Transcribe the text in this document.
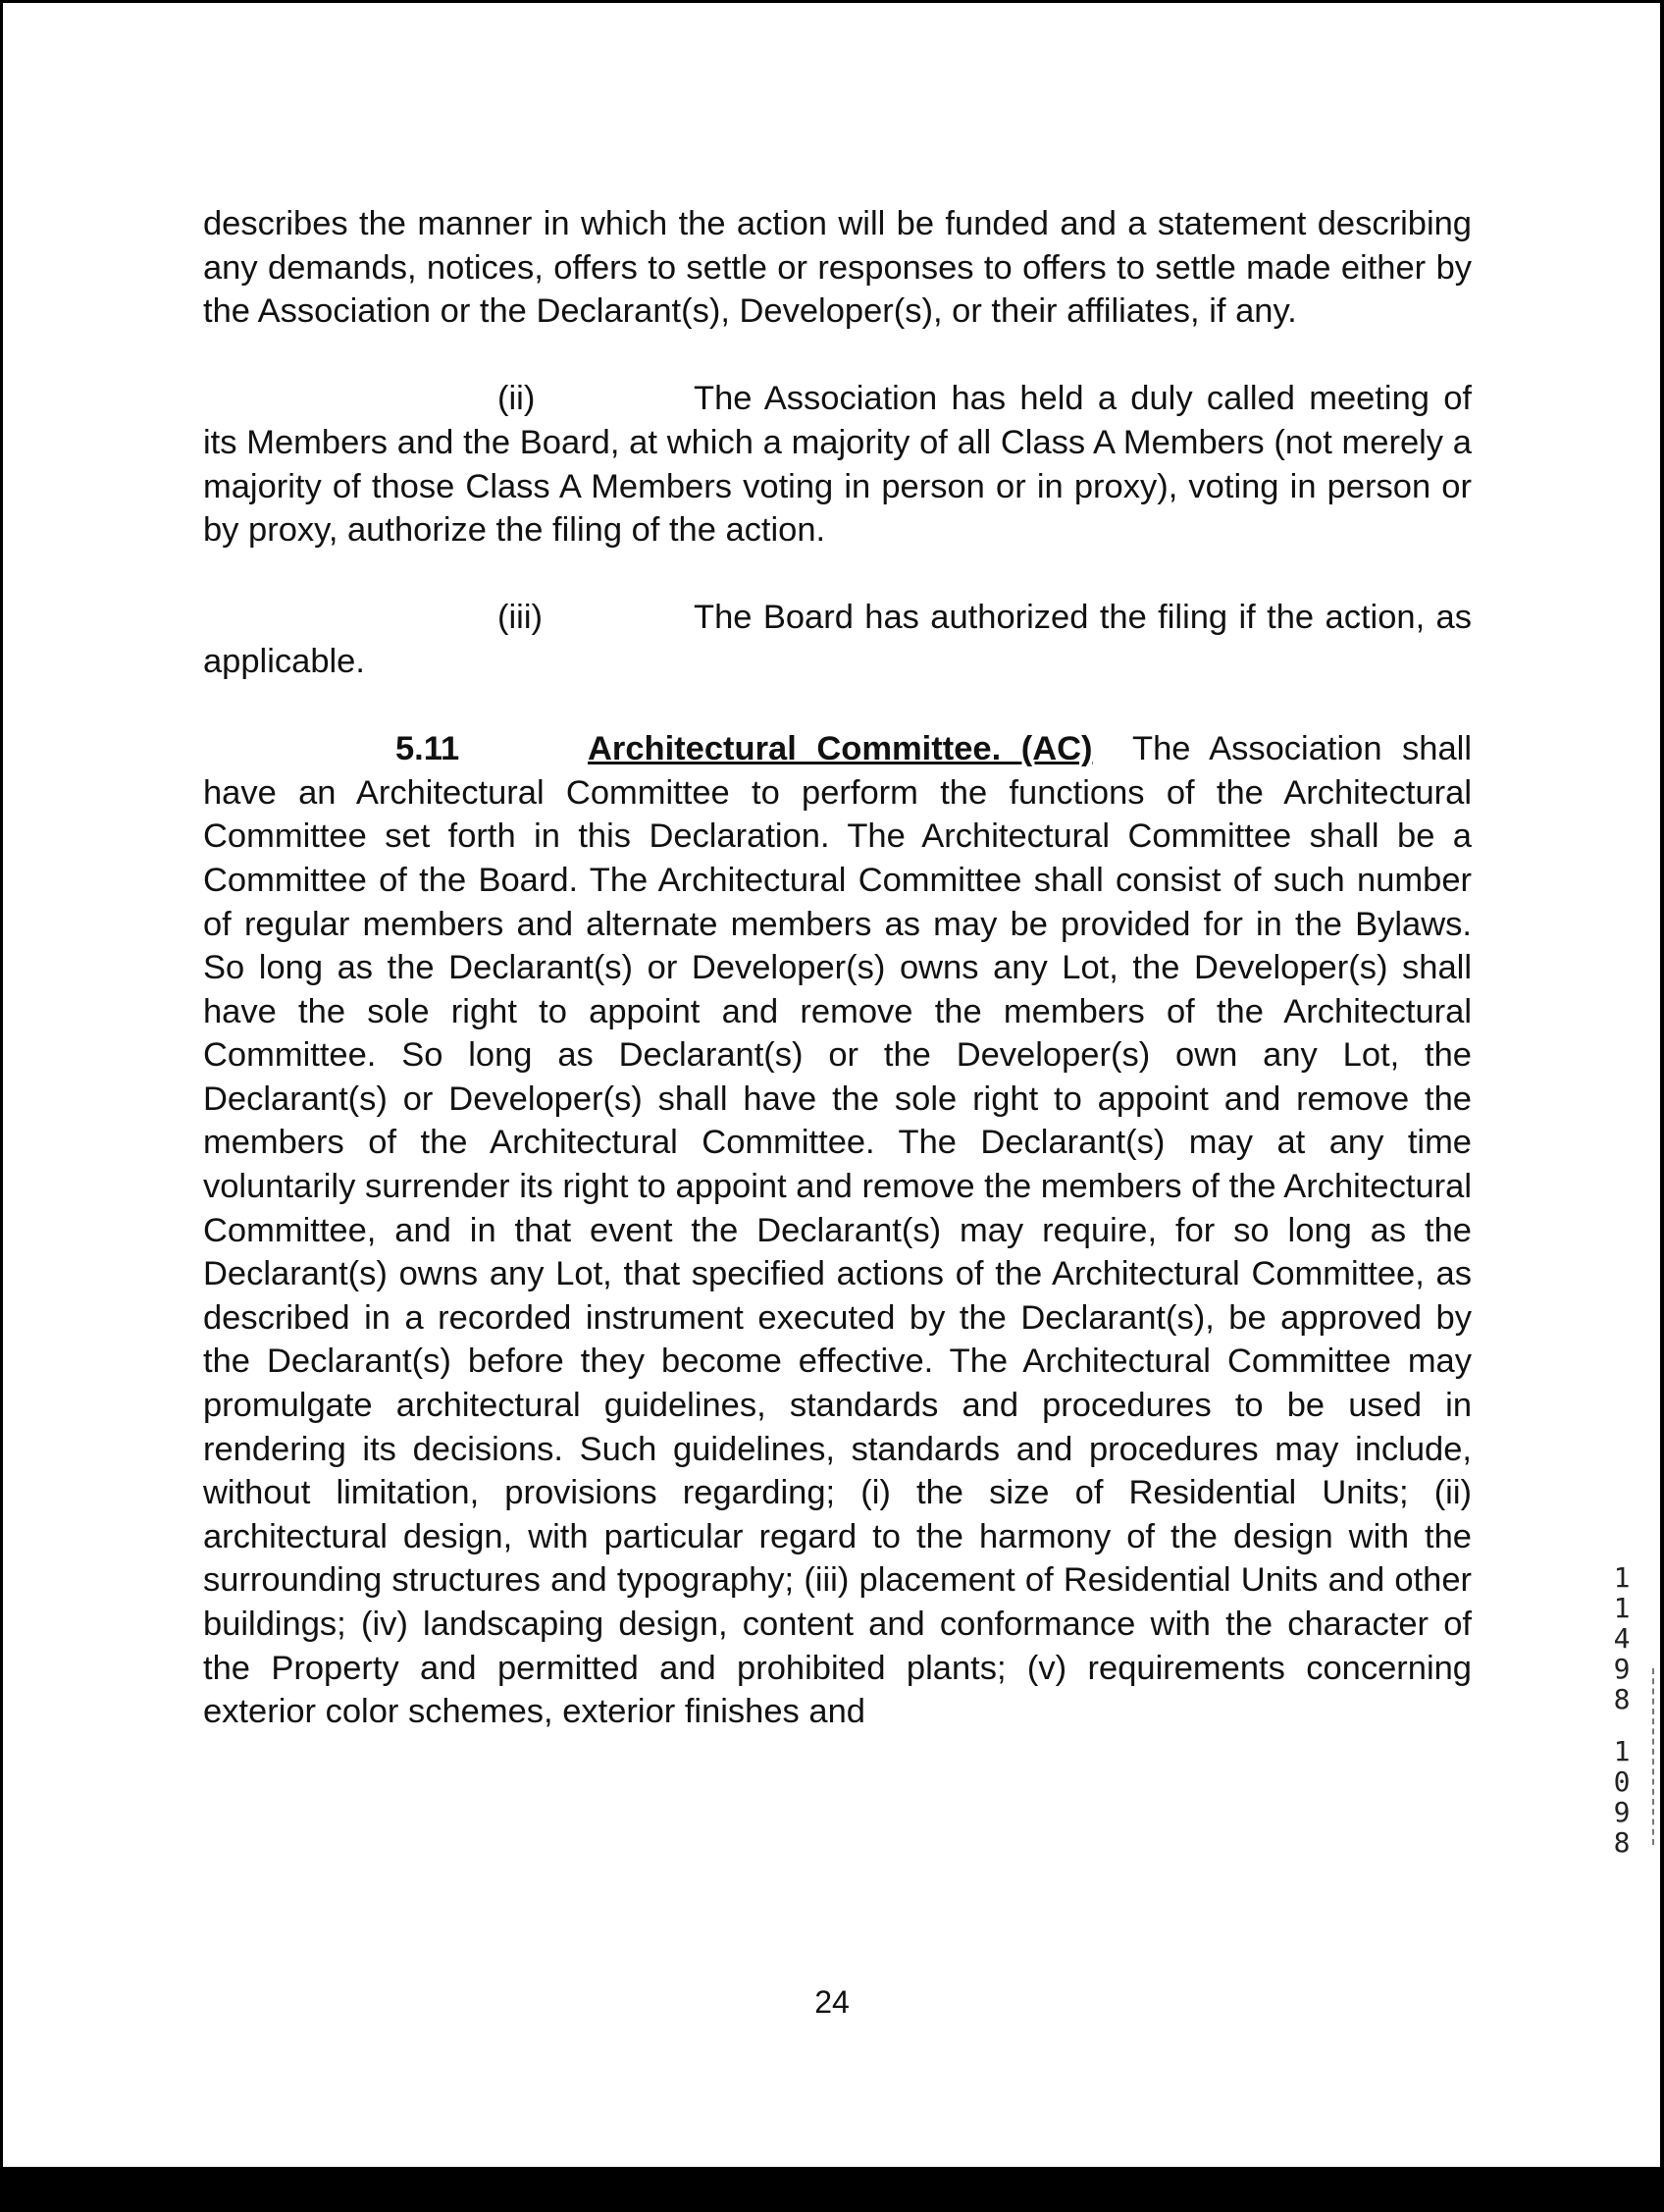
describes the manner in which the action will be funded and a statement describing any demands, notices, offers to settle or responses to offers to settle made either by the Association or the Declarant(s), Developer(s), or their affiliates, if any.

(ii)	The Association has held a duly called meeting of its Members and the Board, at which a majority of all Class A Members (not merely a majority of those Class A Members voting in person or in proxy), voting in person or by proxy, authorize the filing of the action.

(iii)	The Board has authorized the filing if the action, as applicable.

5.11	Architectural Committee. (AC) The Association shall have an Architectural Committee to perform the functions of the Architectural Committee set forth in this Declaration. The Architectural Committee shall be a Committee of the Board. The Architectural Committee shall consist of such number of regular members and alternate members as may be provided for in the Bylaws. So long as the Declarant(s) or Developer(s) owns any Lot, the Developer(s) shall have the sole right to appoint and remove the members of the Architectural Committee. So long as Declarant(s) or the Developer(s) own any Lot, the Declarant(s) or Developer(s) shall have the sole right to appoint and remove the members of the Architectural Committee. The Declarant(s) may at any time voluntarily surrender its right to appoint and remove the members of the Architectural Committee, and in that event the Declarant(s) may require, for so long as the Declarant(s) owns any Lot, that specified actions of the Architectural Committee, as described in a recorded instrument executed by the Declarant(s), be approved by the Declarant(s) before they become effective. The Architectural Committee may promulgate architectural guidelines, standards and procedures to be used in rendering its decisions. Such guidelines, standards and procedures may include, without limitation, provisions regarding; (i) the size of Residential Units; (ii) architectural design, with particular regard to the harmony of the design with the surrounding structures and typography; (iii) placement of Residential Units and other buildings; (iv) landscaping design, content and conformance with the character of the Property and permitted and prohibited plants; (v) requirements concerning exterior color schemes, exterior finishes and

24
1
1
4
9
8
1
0
9
8
